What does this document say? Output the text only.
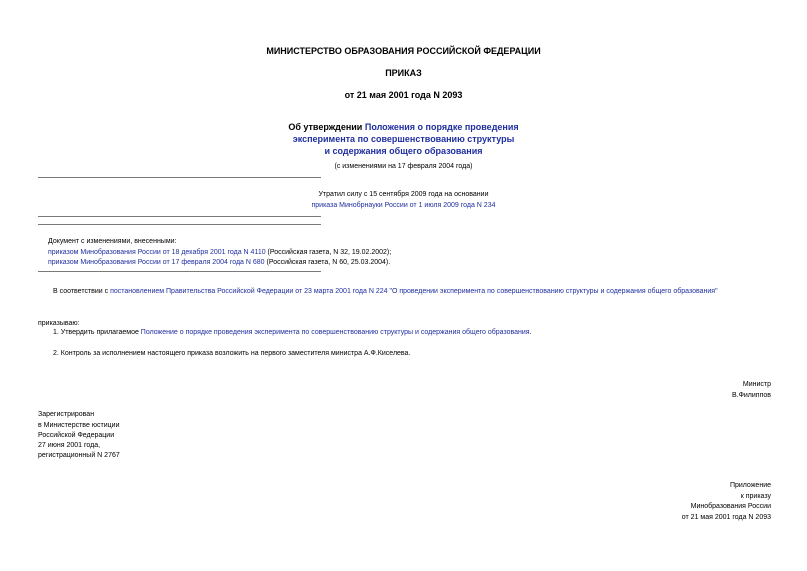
МИНИСТЕРСТВО ОБРАЗОВАНИЯ РОССИЙСКОЙ ФЕДЕРАЦИИ
ПРИКАЗ
от 21 мая 2001 года N 2093
Об утверждении Положения о порядке проведения
эксперимента по совершенствованию структуры
и содержания общего образования
(с изменениями на 17 февраля 2004 года)
Утратил силу с 15 сентября 2009 года на основании
приказа Минобрнауки России от 1 июля 2009 года N 234
Документ с изменениями, внесенными:
приказом Минобразования России от 18 декабря 2001 года N 4110 (Российская газета, N 32, 19.02.2002);
приказом Минобразования России от 17 февраля 2004 года N 680 (Российская газета, N 60, 25.03.2004).
В соответствии с постановлением Правительства Российской Федерации от 23 марта 2001 года N 224 "О проведении эксперимента по совершенствованию структуры и содержания общего образования"
приказываю:
1. Утвердить прилагаемое Положение о порядке проведения эксперимента по совершенствованию структуры и содержания общего образования.
2. Контроль за исполнением настоящего приказа возложить на первого заместителя министра А.Ф.Киселева.
Министр
В.Филиппов
Зарегистрирован
в Министерстве юстиции
Российской Федерации
27 июня 2001 года,
регистрационный N 2767
Приложение
к приказу
Минобразования России
от 21 мая 2001 года N 2093
